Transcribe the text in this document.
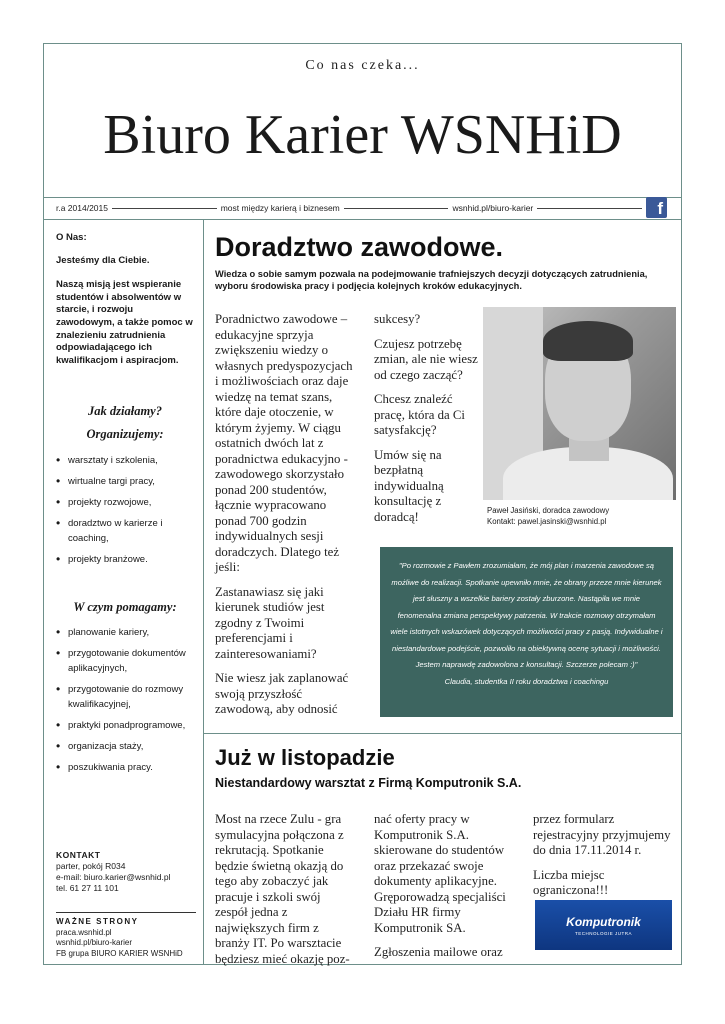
Co nas czeka...
Biuro Karier WSNHiD
r.a 2014/2015	most między karierą i biznesem	wsnhid.pl/biuro-karier	f
O Nas:
Jesteśmy dla Ciebie.
Naszą misją jest wspieranie studentów i absolwentów w starcie, i rozwoju zawodowym, a także pomoc w znalezieniu zatrudnienia odpowiadającego ich kwalifikacjom i aspiracjom.
Jak działamy?
Organizujemy:
• warsztaty i szkolenia,
• wirtualne targi pracy,
• projekty rozwojowe,
• doradztwo w karierze i coaching,
• projekty branżowe.
W czym pomagamy:
• planowanie kariery,
• przygotowanie dokumentów aplikacyjnych,
• przygotowanie do rozmowy kwalifikacyjnej,
• praktyki ponadprogramowe,
• organizacja staży,
• poszukiwania pracy.
KONTAKT
parter, pokój R034
e-mail: biuro.karier@wsnhid.pl
tel. 61 27 11 101
WAŻNE STRONY
praca.wsnhid.pl
wsnhid.pl/biuro-karier
FB grupa BIURO KARIER WSNHiD
Doradztwo zawodowe.
Wiedza o sobie samym pozwala na podejmowanie trafniejszych decyzji dotyczących zatrudnienia, wyboru środowiska pracy i podjęcia kolejnych kroków edukacyjnych.

Poradnictwo zawodowe – edukacyjne sprzyja zwiększeniu wiedzy o własnych predyspozycjach i możliwościach oraz daje wiedzę na temat szans, które daje otoczenie, w którym żyjemy. W ciągu ostatnich dwóch lat z poradnictwa edukacyjno - zawodowego skorzystało ponad 200 studentów, łącznie wypracowano ponad 700 godzin indywidualnych sesji doradczych. Dlatego też jeśli:

Zastanawiasz się jaki kierunek studiów jest zgodny z Twoimi preferencjami i zainteresowaniami?

Nie wiesz jak zaplanować swoją przyszłość zawodową, aby odnosić

sukcesy?

Czujesz potrzebę zmian, ale nie wiesz od czego zacząć?

Chcesz znaleźć pracę, która da Ci satysfakcję?

Umów się na bezpłatną indywidualną konsultację z doradcą!	Paweł Jasiński, doradca zawodowy
Kontakt: pawel.jasinski@wsnhid.pl
"Po rozmowie z Pawłem zrozumiałam, że mój plan i marzenia zawodowe są możliwe do realizacji. Spotkanie upewniło mnie, że obrany przeze mnie kierunek jest słuszny a wszelkie bariery zostały zburzone. Nastąpiła we mnie fenomenalna zmiana perspektywy patrzenia. W trakcie rozmowy otrzymałam wiele istotnych wskazówek dotyczących możliwości pracy z pasją. Indywidualne i niestandardowe podejście, pozwoliło na obiektywną ocenę sytuacji i możliwości. Jestem naprawdę zadowolona z konsultacji. Szczerze polecam :)"
Claudia, studentka II roku doradztwa i coachingu
Już w listopadzie
Niestandardowy warsztat z Firmą Komputronik S.A.

Most na rzece Zulu - gra symulacyjna połączona z rekrutacją. Spotkanie będzie świetną okazją do tego aby zobaczyć jak pracuje i szkoli swój zespół jedna z największych firm z branży IT. Po warsztacie będziesz mieć okazję poz-

nać oferty pracy w Komputronik S.A. skierowane do studentów oraz przekazać swoje dokumenty aplikacyjne. Gręporowadzą specjaliści Działu HR firmy Komputronik SA.

Zgłoszenia mailowe oraz

przez formularz rejestracyjny przyjmujemy do dnia 17.11.2014 r.

Liczba miejsc ograniczona!!!

Komputronik
TECHNOLOGIE JUTRA
